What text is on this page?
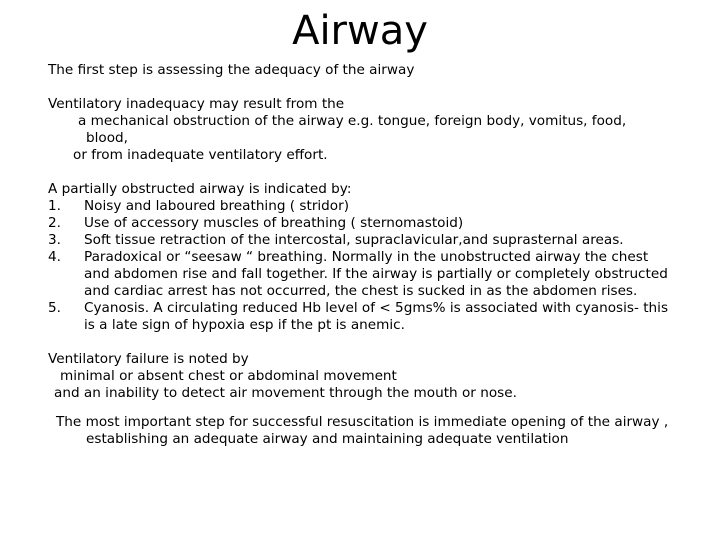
Airway
The first step is assessing the adequacy of the airway
Ventilatory inadequacy may result from the
a mechanical obstruction of the airway e.g. tongue, foreign body, vomitus, food,
blood,
or from inadequate ventilatory effort.
A partially obstructed airway is indicated by:
1.	Noisy and laboured breathing ( stridor)
2.	Use of accessory muscles of breathing ( sternomastoid)
3.	Soft tissue retraction of the intercostal, supraclavicular,and suprasternal areas.
4.	Paradoxical or “seesaw “ breathing. Normally in the unobstructed airway the chest
and abdomen rise and fall together. If the airway is partially or completely obstructed
and cardiac arrest has not occurred, the chest is sucked in as the abdomen rises.
5.	Cyanosis. A circulating reduced Hb level of < 5gms% is associated with cyanosis- this
is a late sign of hypoxia esp if the pt is anemic.
Ventilatory failure is noted by
minimal or absent chest or abdominal movement
and an inability to detect air movement through the mouth or nose.
The most important step for successful resuscitation is immediate opening of the airway ,
establishing an adequate airway and maintaining adequate ventilation
